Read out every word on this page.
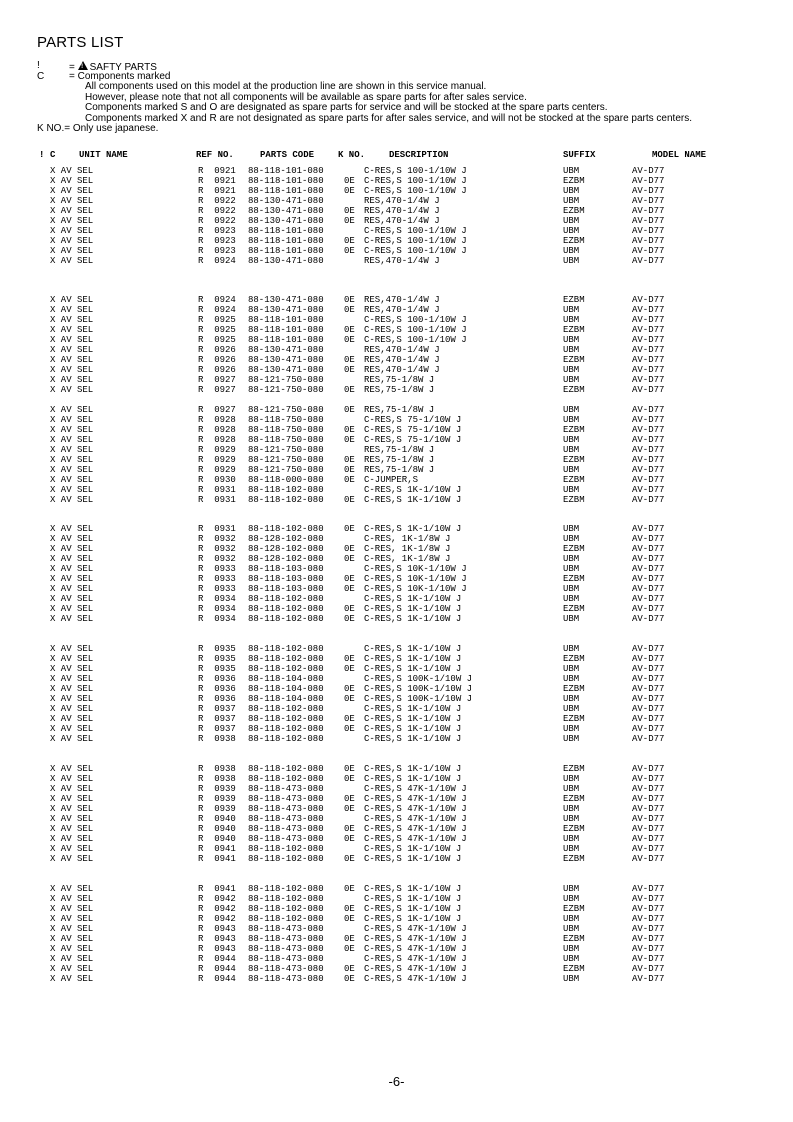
PARTS LIST
!	= !SAFTY PARTS
C = Components marked
All components used on this model at the production line are shown in this service manual.
However, please note that not all components will be available as spare parts for after sales service.
Components marked S and O are designated as spare parts for service and will be stocked at the spare parts centers.
Components marked X and R are not designated as spare parts for after sales service, and will not be stocked at the spare parts centers.
K NO.= Only use japanese.
! C	UNIT NAME	REF NO.	PARTS CODE	K NO.	DESCRIPTION	SUFFIX	MODEL NAME
X AV SEL	R  0921 88-118-101-080	C-RES,S 100-1/10W J	UBM	AV-D77
X AV SEL	R  0921 88-118-101-080 0E C-RES,S 100-1/10W J	EZBM	AV-D77
X AV SEL	R  0921 88-118-101-080 0E C-RES,S 100-1/10W J	UBM	AV-D77
X AV SEL	R  0922 88-130-471-080	RES,470-1/4W J	UBM	AV-D77
X AV SEL	R  0922 88-130-471-080 0E RES,470-1/4W J	EZBM	AV-D77
X AV SEL	R  0922 88-130-471-080 0E RES,470-1/4W J	UBM	AV-D77
X AV SEL	R  0923 88-118-101-080	C-RES,S 100-1/10W J	UBM	AV-D77
X AV SEL	R  0923 88-118-101-080 0E C-RES,S 100-1/10W J	EZBM	AV-D77
X AV SEL	R  0923 88-118-101-080 0E C-RES,S 100-1/10W J	UBM	AV-D77
X AV SEL	R  0924 88-130-471-080	RES,470-1/4W J	UBM	AV-D77
X AV SEL	R  0924 88-130-471-080 0E RES,470-1/4W J	EZBM	AV-D77
X AV SEL	R  0924 88-130-471-080 0E RES,470-1/4W J	UBM	AV-D77
X AV SEL	R  0925 88-118-101-080	C-RES,S 100-1/10W J	UBM	AV-D77
X AV SEL	R  0925 88-118-101-080 0E C-RES,S 100-1/10W J	EZBM	AV-D77
X AV SEL	R  0925 88-118-101-080 0E C-RES,S 100-1/10W J	UBM	AV-D77
X AV SEL	R  0926 88-130-471-080	RES,470-1/4W J	UBM	AV-D77
X AV SEL	R  0926 88-130-471-080 0E RES,470-1/4W J	EZBM	AV-D77
X AV SEL	R  0926 88-130-471-080 0E RES,470-1/4W J	UBM	AV-D77
X AV SEL	R  0927 88-121-750-080	RES,75-1/8W J	UBM	AV-D77
X AV SEL	R  0927 88-121-750-080 0E RES,75-1/8W J	EZBM	AV-D77
X AV SEL	R  0927 88-121-750-080 0E RES,75-1/8W J	UBM	AV-D77
X AV SEL	R  0928 88-118-750-080	C-RES,S 75-1/10W J	UBM	AV-D77
X AV SEL	R  0928 88-118-750-080 0E C-RES,S 75-1/10W J	EZBM	AV-D77
X AV SEL	R  0928 88-118-750-080 0E C-RES,S 75-1/10W J	UBM	AV-D77
X AV SEL	R  0929 88-121-750-080	RES,75-1/8W J	UBM	AV-D77
X AV SEL	R  0929 88-121-750-080 0E RES,75-1/8W J	EZBM	AV-D77
X AV SEL	R  0929 88-121-750-080 0E RES,75-1/8W J	UBM	AV-D77
X AV SEL	R  0930 88-118-000-080 0E C-JUMPER,S	EZBM	AV-D77
X AV SEL	R  0931 88-118-102-080	C-RES,S 1K-1/10W J	UBM	AV-D77
X AV SEL	R  0931 88-118-102-080 0E C-RES,S 1K-1/10W J	EZBM	AV-D77
X AV SEL	R  0931 88-118-102-080 0E C-RES,S 1K-1/10W J	UBM	AV-D77
X AV SEL	R  0932 88-128-102-080	C-RES, 1K-1/8W J	UBM	AV-D77
X AV SEL	R  0932 88-128-102-080 0E C-RES, 1K-1/8W J	EZBM	AV-D77
X AV SEL	R  0932 88-128-102-080 0E C-RES, 1K-1/8W J	UBM	AV-D77
X AV SEL	R  0933 88-118-103-080	C-RES,S 10K-1/10W J	UBM	AV-D77
X AV SEL	R  0933 88-118-103-080 0E C-RES,S 10K-1/10W J	EZBM	AV-D77
X AV SEL	R  0933 88-118-103-080 0E C-RES,S 10K-1/10W J	UBM	AV-D77
X AV SEL	R  0934 88-118-102-080	C-RES,S 1K-1/10W J	UBM	AV-D77
X AV SEL	R  0934 88-118-102-080 0E C-RES,S 1K-1/10W J	EZBM	AV-D77
X AV SEL	R  0934 88-118-102-080 0E C-RES,S 1K-1/10W J	UBM	AV-D77
X AV SEL	R  0935 88-118-102-080	C-RES,S 1K-1/10W J	UBM	AV-D77
X AV SEL	R  0935 88-118-102-080 0E C-RES,S 1K-1/10W J	EZBM	AV-D77
X AV SEL	R  0935 88-118-102-080 0E C-RES,S 1K-1/10W J	UBM	AV-D77
X AV SEL	R  0936 88-118-104-080	C-RES,S 100K-1/10W J	UBM	AV-D77
X AV SEL	R  0936 88-118-104-080 0E C-RES,S 100K-1/10W J	EZBM	AV-D77
X AV SEL	R  0936 88-118-104-080 0E C-RES,S 100K-1/10W J	UBM	AV-D77
X AV SEL	R  0937 88-118-102-080	C-RES,S 1K-1/10W J	UBM	AV-D77
X AV SEL	R  0937 88-118-102-080 0E C-RES,S 1K-1/10W J	EZBM	AV-D77
X AV SEL	R  0937 88-118-102-080 0E C-RES,S 1K-1/10W J	UBM	AV-D77
X AV SEL	R  0938 88-118-102-080	C-RES,S 1K-1/10W J	UBM	AV-D77
X AV SEL	R  0938 88-118-102-080 0E C-RES,S 1K-1/10W J	EZBM	AV-D77
X AV SEL	R  0938 88-118-102-080 0E C-RES,S 1K-1/10W J	UBM	AV-D77
X AV SEL	R  0939 88-118-473-080	C-RES,S 47K-1/10W J	UBM	AV-D77
X AV SEL	R  0939 88-118-473-080 0E C-RES,S 47K-1/10W J	EZBM	AV-D77
X AV SEL	R  0939 88-118-473-080 0E C-RES,S 47K-1/10W J	UBM	AV-D77
X AV SEL	R  0940 88-118-473-080	C-RES,S 47K-1/10W J	UBM	AV-D77
X AV SEL	R  0940 88-118-473-080 0E C-RES,S 47K-1/10W J	EZBM	AV-D77
X AV SEL	R  0940 88-118-473-080 0E C-RES,S 47K-1/10W J	UBM	AV-D77
X AV SEL	R  0941 88-118-102-080	C-RES,S 1K-1/10W J	UBM	AV-D77
X AV SEL	R  0941 88-118-102-080 0E C-RES,S 1K-1/10W J	EZBM	AV-D77
X AV SEL	R  0941 88-118-102-080 0E C-RES,S 1K-1/10W J	UBM	AV-D77
X AV SEL	R  0942 88-118-102-080	C-RES,S 1K-1/10W J	UBM	AV-D77
X AV SEL	R  0942 88-118-102-080 0E C-RES,S 1K-1/10W J	EZBM	AV-D77
X AV SEL	R  0942 88-118-102-080 0E C-RES,S 1K-1/10W J	UBM	AV-D77
X AV SEL	R  0943 88-118-473-080	C-RES,S 47K-1/10W J	UBM	AV-D77
X AV SEL	R  0943 88-118-473-080 0E C-RES,S 47K-1/10W J	EZBM	AV-D77
X AV SEL	R  0943 88-118-473-080 0E C-RES,S 47K-1/10W J	UBM	AV-D77
X AV SEL	R  0944 88-118-473-080	C-RES,S 47K-1/10W J	UBM	AV-D77
X AV SEL	R  0944 88-118-473-080 0E C-RES,S 47K-1/10W J	EZBM	AV-D77
X AV SEL	R  0944 88-118-473-080 0E C-RES,S 47K-1/10W J	UBM	AV-D77
-6-
